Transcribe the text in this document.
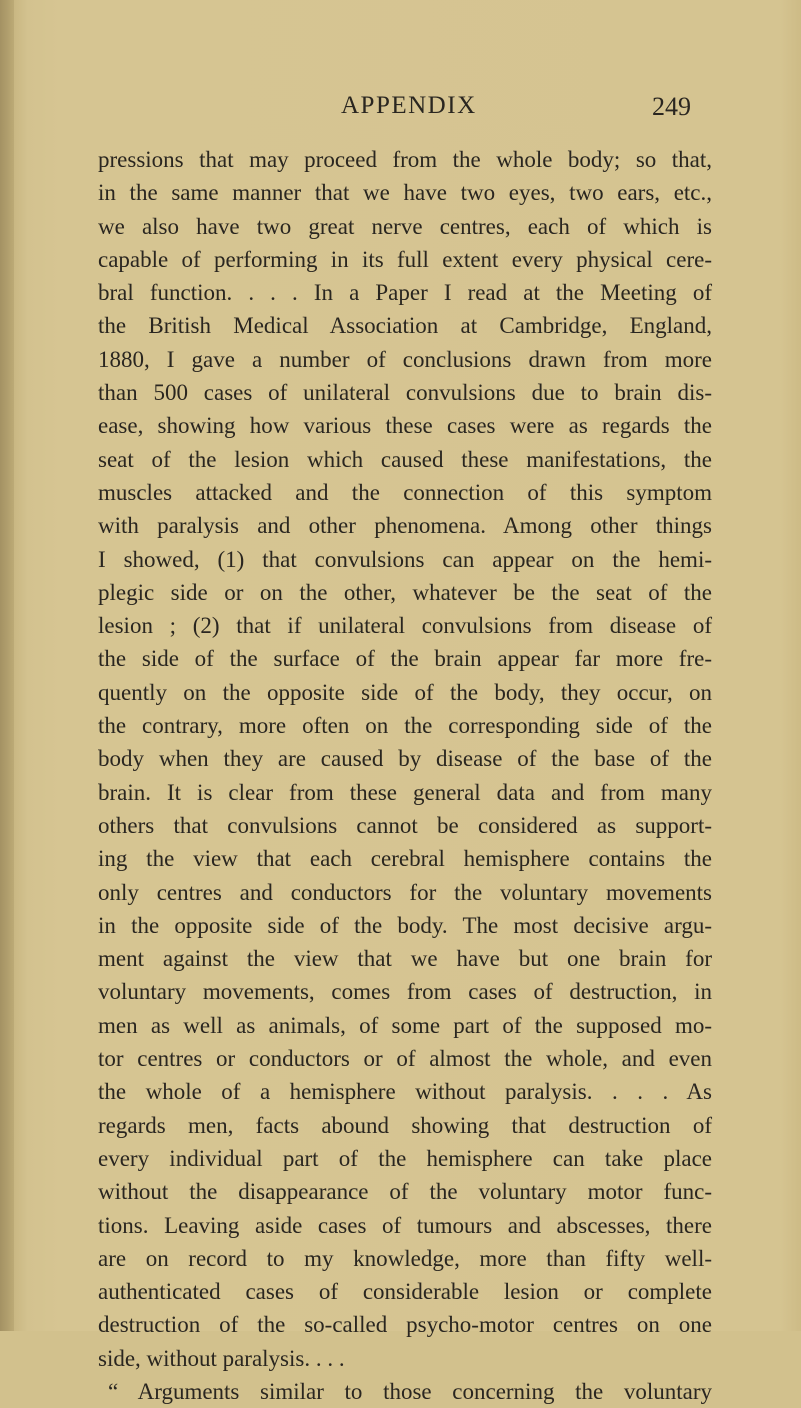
APPENDIX	249
pressions that may proceed from the whole body; so that,
in the same manner that we have two eyes, two ears, etc.,
we also have two great nerve centres, each of which is
capable of performing in its full extent every physical cere-
bral function. . . . In a Paper I read at the Meeting of
the British Medical Association at Cambridge, England,
1880, I gave a number of conclusions drawn from more
than 500 cases of unilateral convulsions due to brain dis-
ease, showing how various these cases were as regards the
seat of the lesion which caused these manifestations, the
muscles attacked and the connection of this symptom
with paralysis and other phenomena. Among other things
I showed, (1) that convulsions can appear on the hemi-
plegic side or on the other, whatever be the seat of the
lesion ; (2) that if unilateral convulsions from disease of
the side of the surface of the brain appear far more fre-
quently on the opposite side of the body, they occur, on
the contrary, more often on the corresponding side of the
body when they are caused by disease of the base of the
brain. It is clear from these general data and from many
others that convulsions cannot be considered as support-
ing the view that each cerebral hemisphere contains the
only centres and conductors for the voluntary movements
in the opposite side of the body. The most decisive argu-
ment against the view that we have but one brain for
voluntary movements, comes from cases of destruction, in
men as well as animals, of some part of the supposed mo-
tor centres or conductors or of almost the whole, and even
the whole of a hemisphere without paralysis. . . . As
regards men, facts abound showing that destruction of
every individual part of the hemisphere can take place
without the disappearance of the voluntary motor func-
tions. Leaving aside cases of tumours and abscesses, there
are on record to my knowledge, more than fifty well-
authenticated cases of considerable lesion or complete
destruction of the so-called psycho-motor centres on one
side, without paralysis. . . .
“ Arguments similar to those concerning the voluntary
